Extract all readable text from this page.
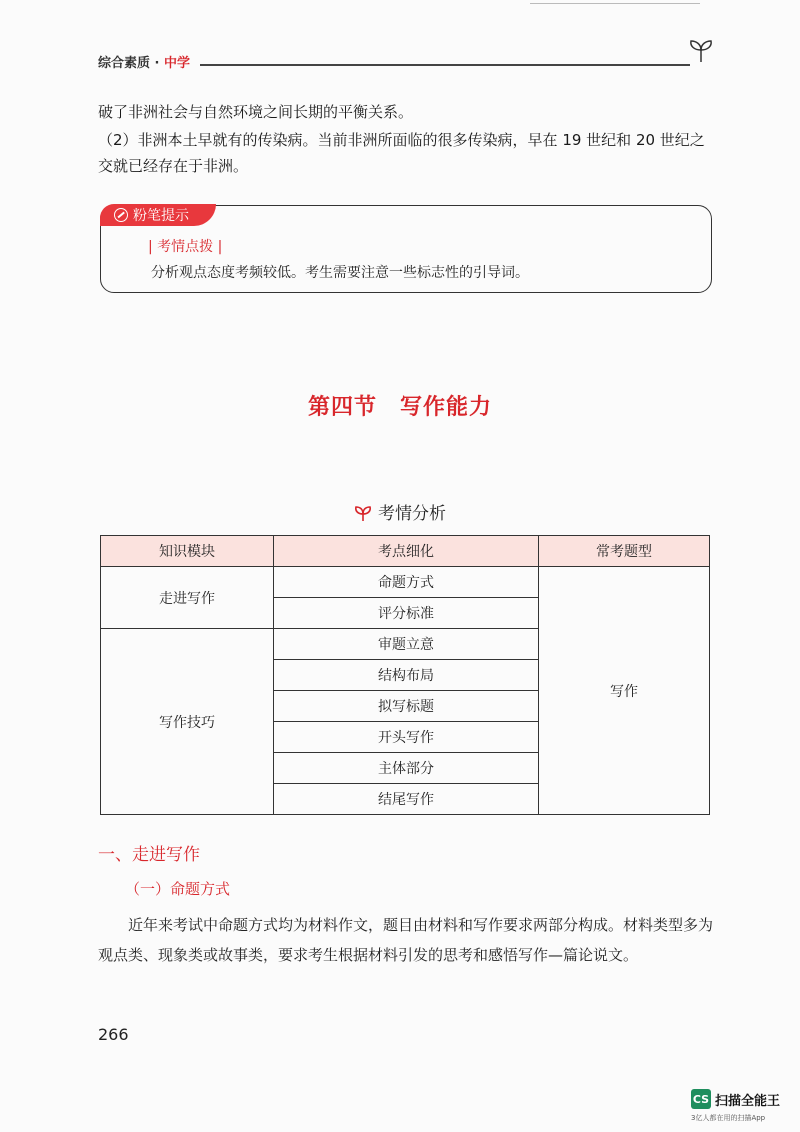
综合素质 · 中学
破了非洲社会与自然环境之间长期的平衡关系。
（2）非洲本土早就有的传染病。当前非洲所面临的很多传染病，早在 19 世纪和 20 世纪之交就已经存在于非洲。
粉笔提示
| 考情点拨 |
分析观点态度考频较低。考生需要注意一些标志性的引导词。
第四节　写作能力
考情分析
知识模块	考点细化	常考题型
走进写作	命题方式	写作
	评分标准	
写作技巧	审题立意	
	结构布局	
	拟写标题	
	开头写作	
	主体部分	
	结尾写作	
一、走进写作
（一）命题方式
近年来考试中命题方式均为材料作文，题目由材料和写作要求两部分构成。材料类型多为观点类、现象类或故事类，要求考生根据材料引发的思考和感悟写作—篇论说文。
266
CS 扫描全能王
3亿人都在用的扫描App
